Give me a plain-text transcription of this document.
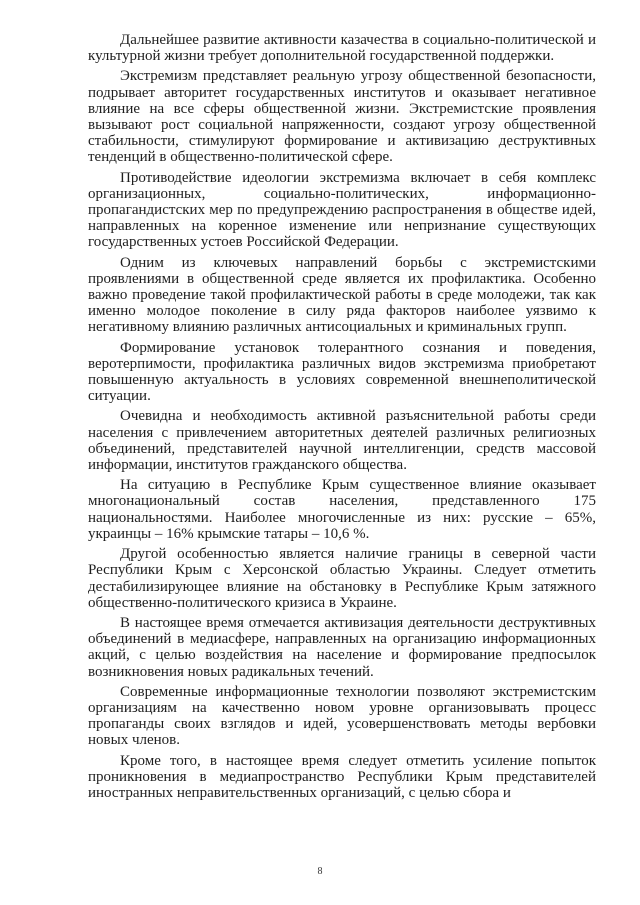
Дальнейшее развитие активности казачества в социально-политической и культурной жизни требует дополнительной государственной поддержки.

Экстремизм представляет реальную угрозу общественной безопасности, подрывает авторитет государственных институтов и оказывает негативное влияние на все сферы общественной жизни. Экстремистские проявления вызывают рост социальной напряженности, создают угрозу общественной стабильности, стимулируют формирование и активизацию деструктивных тенденций в общественно-политической сфере.

Противодействие идеологии экстремизма включает в себя комплекс организационных, социально-политических, информационно-пропагандистских мер по предупреждению распространения в обществе идей, направленных на коренное изменение или непризнание существующих государственных устоев Российской Федерации.

Одним из ключевых направлений борьбы с экстремистскими проявлениями в общественной среде является их профилактика. Особенно важно проведение такой профилактической работы в среде молодежи, так как именно молодое поколение в силу ряда факторов наиболее уязвимо к негативному влиянию различных антисоциальных и криминальных групп.

Формирование установок толерантного сознания и поведения, веротерпимости, профилактика различных видов экстремизма приобретают повышенную актуальность в условиях современной внешнеполитической ситуации.

Очевидна и необходимость активной разъяснительной работы среди населения с привлечением авторитетных деятелей различных религиозных объединений, представителей научной интеллигенции, средств массовой информации, институтов гражданского общества.

На ситуацию в Республике Крым существенное влияние оказывает многонациональный состав населения, представленного 175 национальностями. Наиболее многочисленные из них: русские – 65%, украинцы – 16% крымские татары – 10,6 %.

Другой особенностью является наличие границы в северной части Республики Крым с Херсонской областью Украины. Следует отметить дестабилизирующее влияние на обстановку в Республике Крым затяжного общественно-политического кризиса в Украине.

В настоящее время отмечается активизация деятельности деструктивных объединений в медиасфере, направленных на организацию информационных акций, с целью воздействия на население и формирование предпосылок возникновения новых радикальных течений.

Современные информационные технологии позволяют экстремистским организациям на качественно новом уровне организовывать процесс пропаганды своих взглядов и идей, усовершенствовать методы вербовки новых членов.

Кроме того, в настоящее время следует отметить усиление попыток проникновения в медиапространство Республики Крым представителей иностранных неправительственных организаций, с целью сбора и

8
